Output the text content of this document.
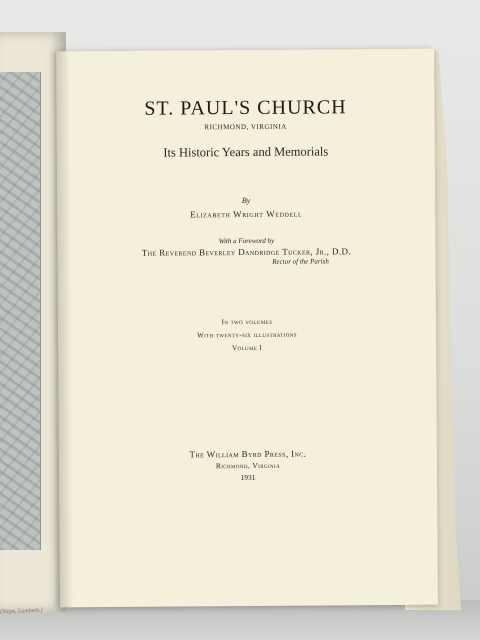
[Steps, Lambeth.]
ST. PAUL'S CHURCH
RICHMOND, VIRGINIA
Its Historic Years and Memorials
By
Elizabeth Wright Weddell
With a Foreword by
The Reverend Beverley Dandridge Tucker, Jr., D.D.
Rector of the Parish
In two volumes
With twenty-six illustrations
Volume I
The William Byrd Press, Inc.
Richmond, Virginia
1931
